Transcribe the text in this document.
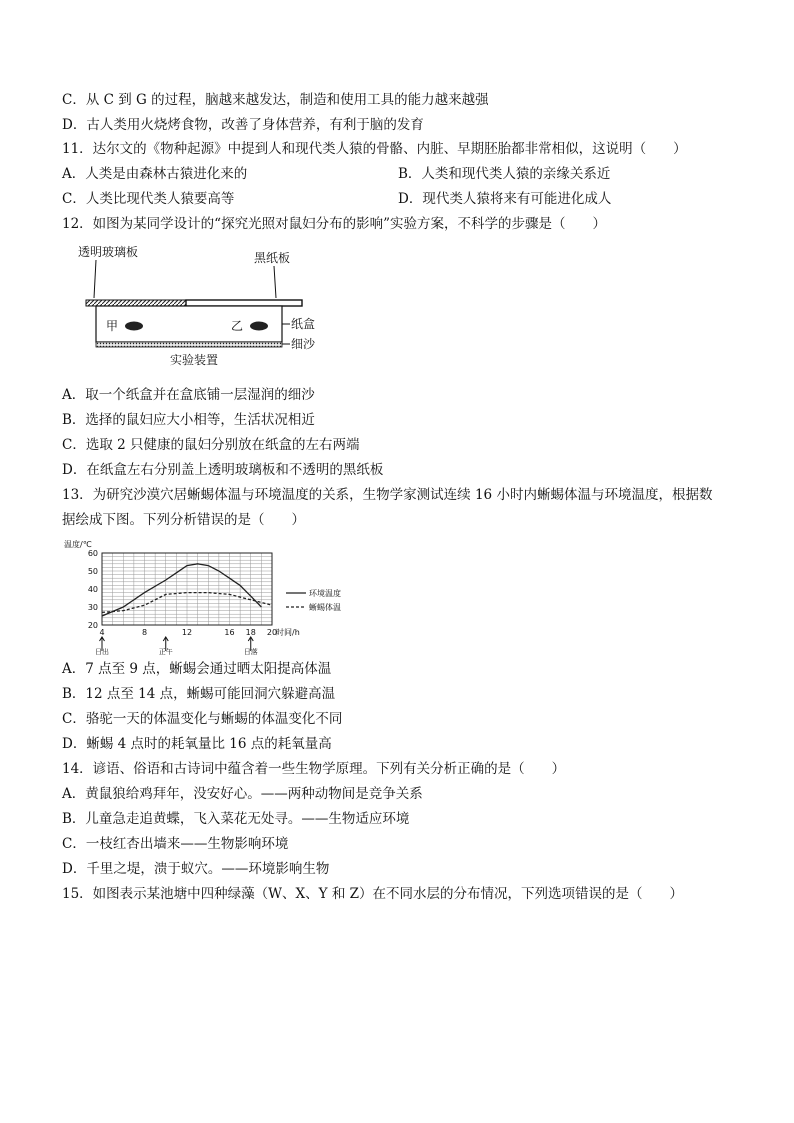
C．从 C 到 G 的过程，脑越来越发达，制造和使用工具的能力越来越强
D．古人类用火烧烤食物，改善了身体营养，有利于脑的发育
11．达尔文的《物种起源》中提到人和现代类人猿的骨骼、内脏、早期胚胎都非常相似，这说明（　　）
A．人类是由森林古猿进化来的	B．人类和现代类人猿的亲缘关系近
C．人类比现代类人猿要高等	D．现代类人猿将来有可能进化成人
12．如图为某同学设计的“探究光照对鼠妇分布的影响”实验方案，不科学的步骤是（　　）
透明玻璃板	黑纸板
甲	乙	纸盒
细沙
实验装置
A．取一个纸盒并在盒底铺一层湿润的细沙
B．选择的鼠妇应大小相等，生活状况相近
C．选取 2 只健康的鼠妇分别放在纸盒的左右两端
D．在纸盒左右分别盖上透明玻璃板和不透明的黑纸板
13．为研究沙漠穴居蜥蜴体温与环境温度的关系，生物学家测试连续 16 小时内蜥蜴体温与环境温度，根据数
据绘成下图。下列分析错误的是（　　）
20
30
40
50
60
4	8	12	16 18 20
温度/℃
时间/h
环境温度
蜥蜴体温
日出	正午	日落
A．7 点至 9 点，蜥蜴会通过晒太阳提高体温
B．12 点至 14 点，蜥蜴可能回洞穴躲避高温
C．骆驼一天的体温变化与蜥蜴的体温变化不同
D．蜥蜴 4 点时的耗氧量比 16 点的耗氧量高
14．谚语、俗语和古诗词中蕴含着一些生物学原理。下列有关分析正确的是（　　）
A．黄鼠狼给鸡拜年，没安好心。——两种动物间是竞争关系
B．儿童急走追黄蝶，飞入菜花无处寻。——生物适应环境
C．一枝红杏出墙来——生物影响环境
D．千里之堤，溃于蚁穴。——环境影响生物
15．如图表示某池塘中四种绿藻（W、X、Y 和 Z）在不同水层的分布情况，下列选项错误的是（　　）
